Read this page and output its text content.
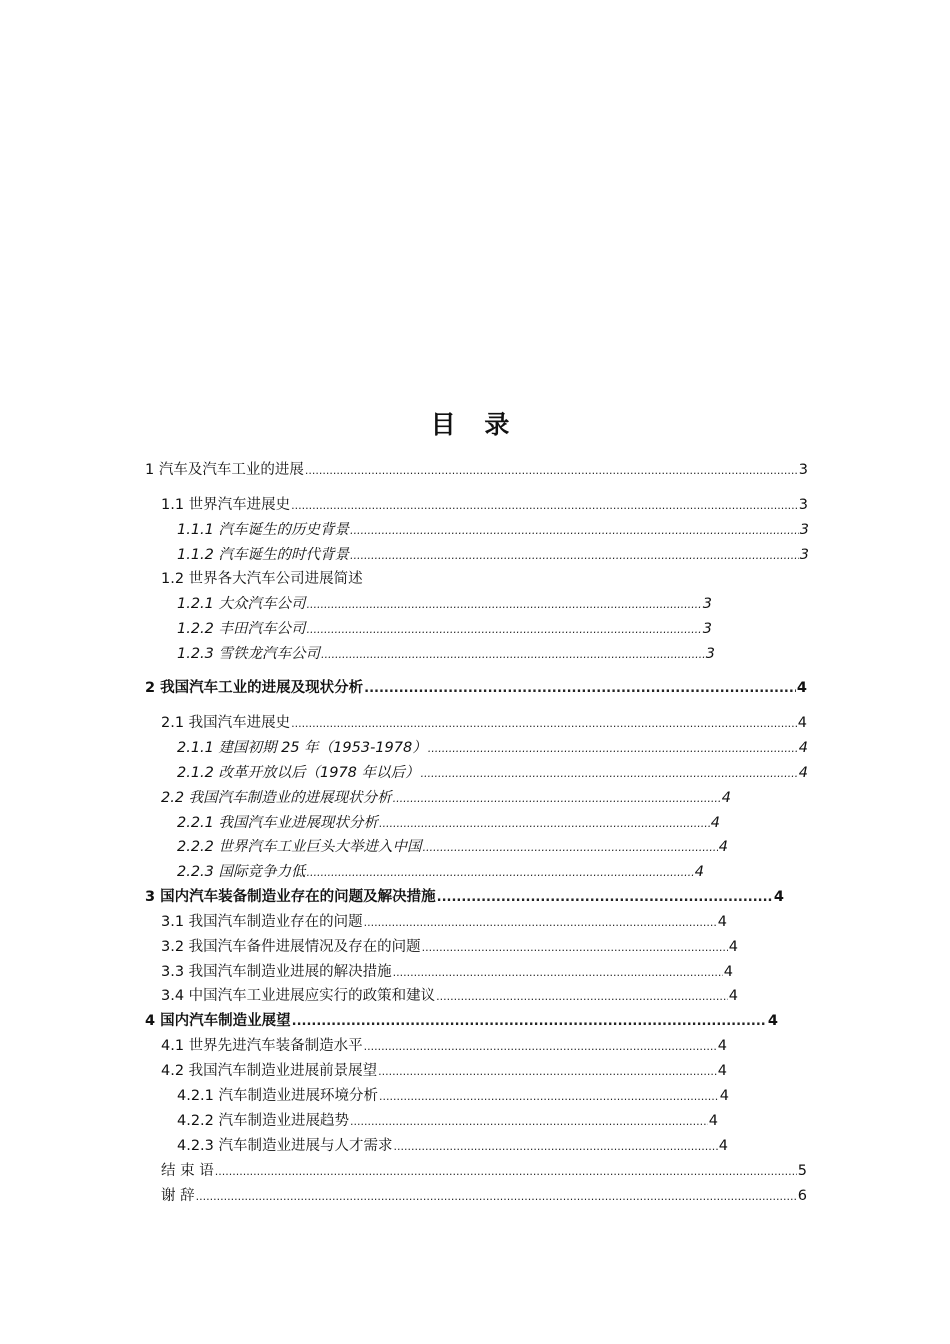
目 录
1 汽车及汽车工业的进展 .....	3
1.1 世界汽车进展史 .....	3
1.1.1 汽车诞生的历史背景 .....	3
1.1.2 汽车诞生的时代背景 .....	3
1.2 世界各大汽车公司进展简述
1.2.1 大众汽车公司 .....	3
1.2.2 丰田汽车公司 .....	3
1.2.3 雪铁龙汽车公司 .....	3
2 我国汽车工业的进展及现状分析 .....	4
2.1 我国汽车进展史 .....	4
2.1.1 建国初期 25 年（1953-1978） .....	4
2.1.2 改革开放以后（1978 年以后） .....	4
2.2 我国汽车制造业的进展现状分析 .....	4
2.2.1 我国汽车业进展现状分析 .....	4
2.2.2 世界汽车工业巨头大举进入中国 .....	4
2.2.3 国际竞争力低 .....	4
3 国内汽车装备制造业存在的问题及解决措施 .....	4
3.1 我国汽车制造业存在的问题 .....	4
3.2 我国汽车备件进展情况及存在的问题 .....	4
3.3 我国汽车制造业进展的解决措施 .....	4
3.4 中国汽车工业进展应实行的政策和建议 .....	4
4 国内汽车制造业展望 .....	4
4.1 世界先进汽车装备制造水平 .....	4
4.2 我国汽车制造业进展前景展望 .....	4
4.2.1 汽车制造业进展环境分析 .....	4
4.2.2 汽车制造业进展趋势 .....	4
4.2.3 汽车制造业进展与人才需求 .....	4
结 束 语 .....	5
谢 辞 .....	6
